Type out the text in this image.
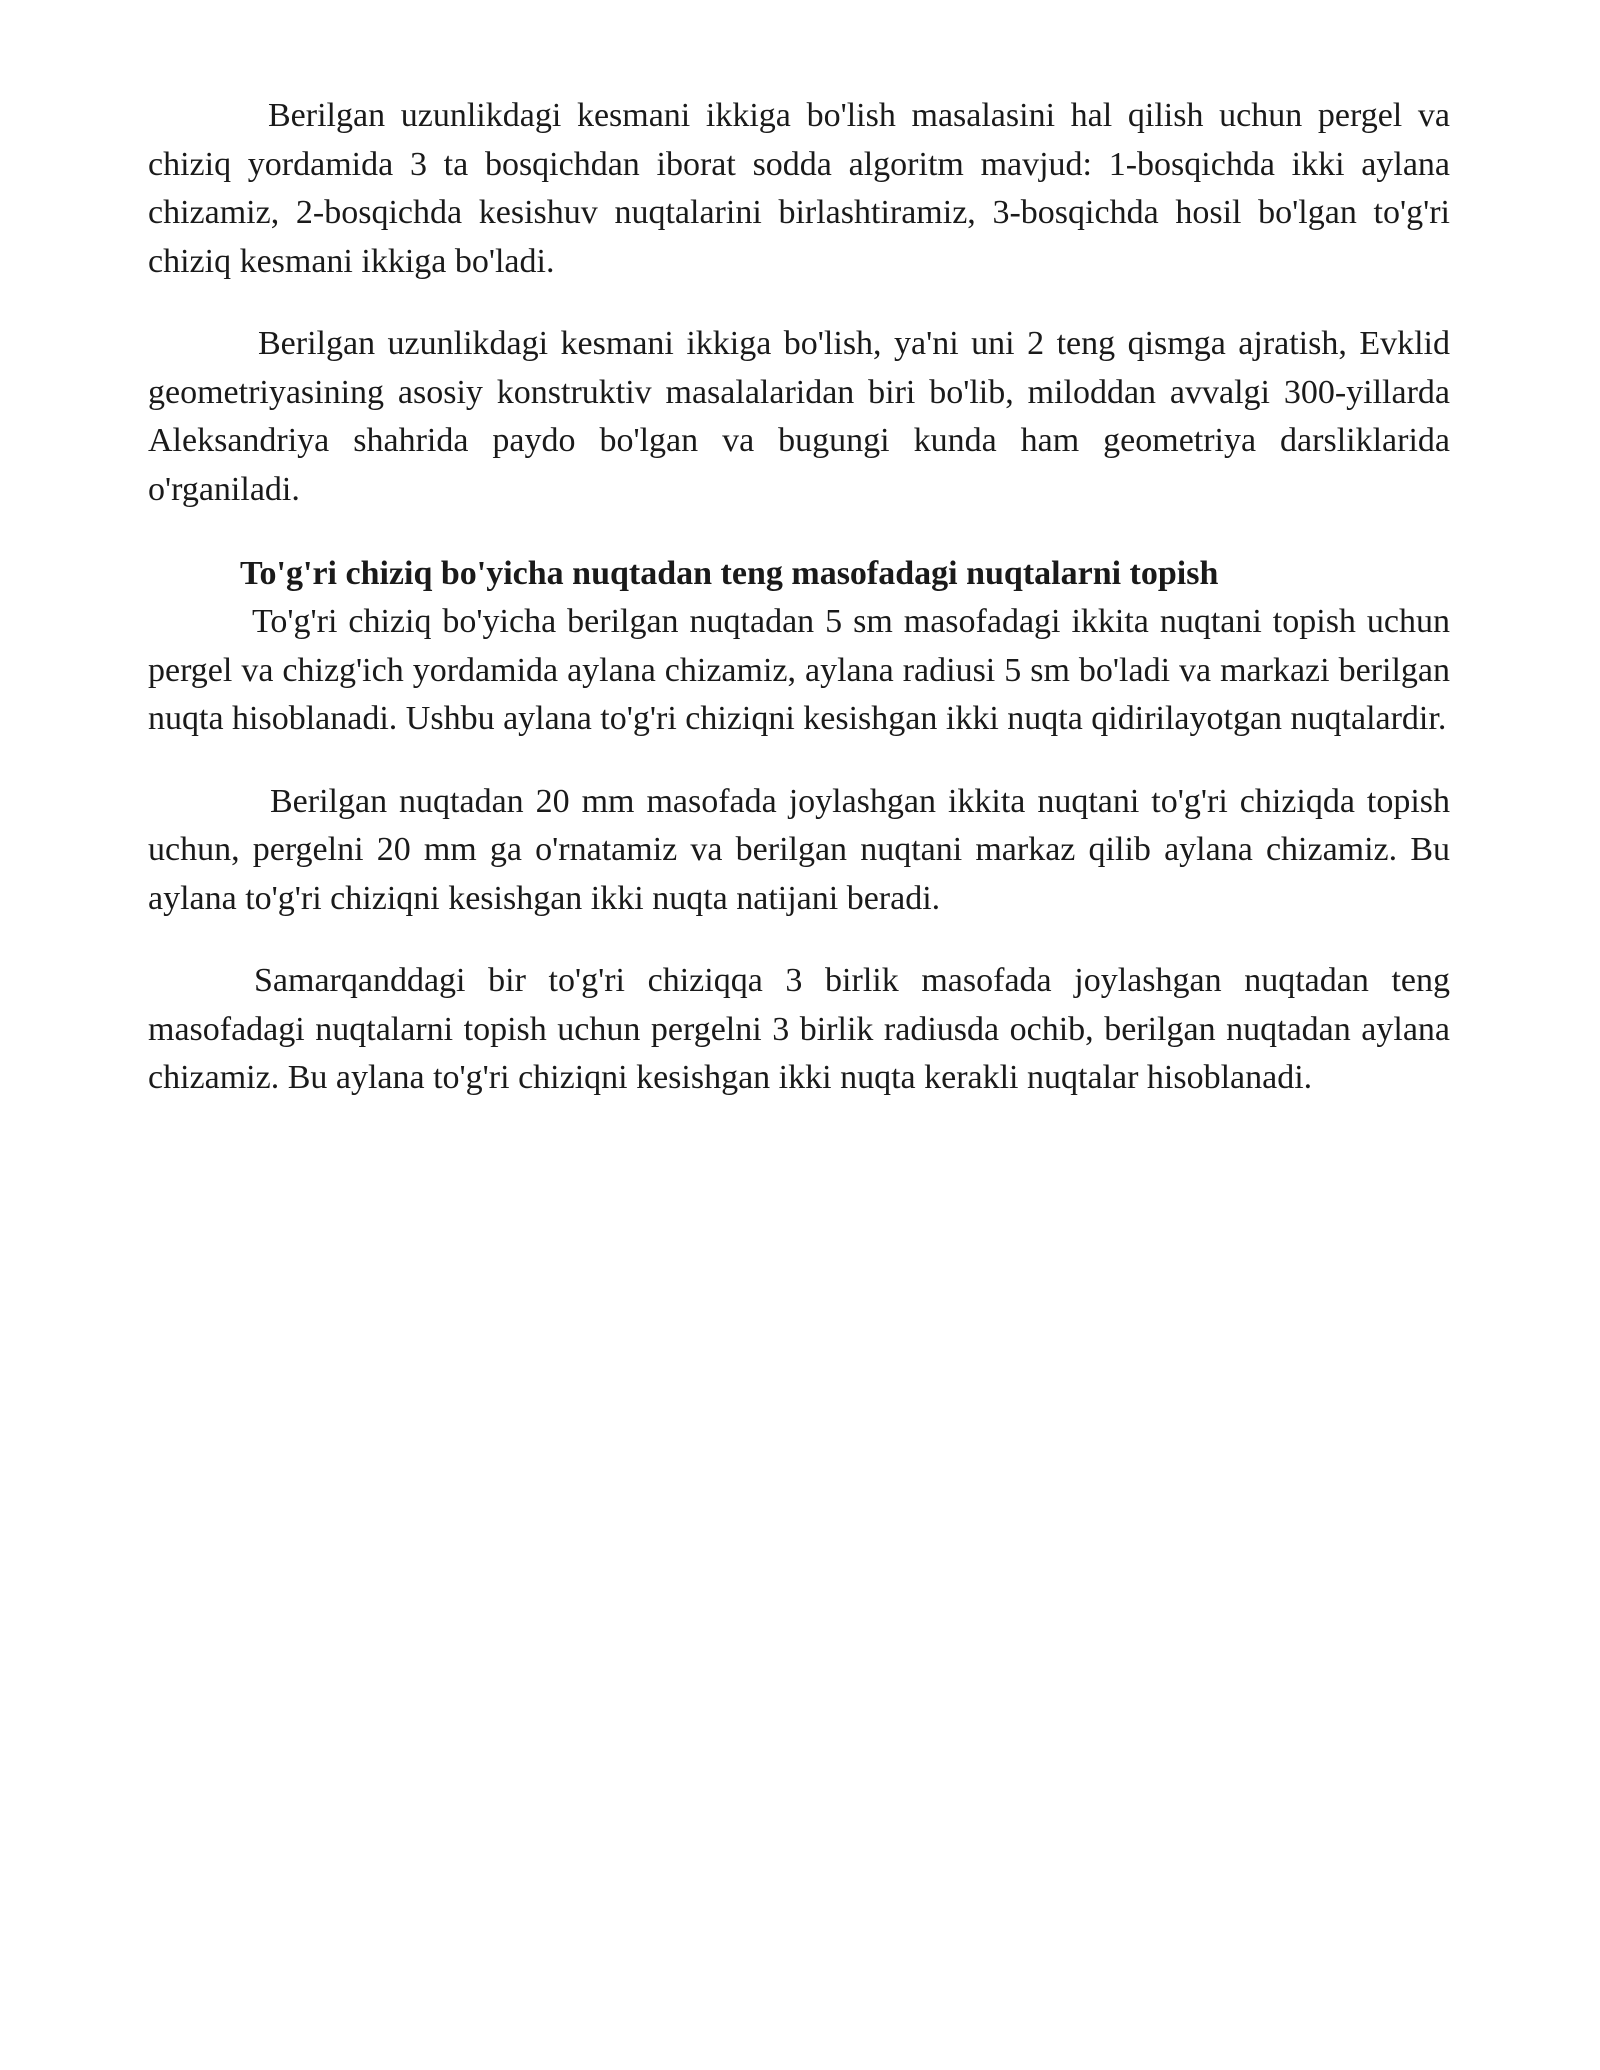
Berilgan uzunlikdagi kesmani ikkiga bo'lish masalasini hal qilish uchun pergel va chiziq yordamida 3 ta bosqichdan iborat sodda algoritm mavjud: 1-bosqichda ikki aylana chizamiz, 2-bosqichda kesishuv nuqtalarini birlashtiramiz, 3-bosqichda hosil bo'lgan to'g'ri chiziq kesmani ikkiga bo'ladi.

Berilgan uzunlikdagi kesmani ikkiga bo'lish, ya'ni uni 2 teng qismga ajratish, Evklid geometriyasining asosiy konstruktiv masalalaridan biri bo'lib, miloddan avvalgi 300-yillarda Aleksandriya shahrida paydo bo'lgan va bugungi kunda ham geometriya darsliklarida o'rganiladi.

To'g'ri chiziq bo'yicha nuqtadan teng masofadagi nuqtalarni topish

To'g'ri chiziq bo'yicha berilgan nuqtadan 5 sm masofadagi ikkita nuqtani topish uchun pergel va chizg'ich yordamida aylana chizamiz, aylana radiusi 5 sm bo'ladi va markazi berilgan nuqta hisoblanadi. Ushbu aylana to'g'ri chiziqni kesishgan ikki nuqta qidirilayotgan nuqtalardir.

Berilgan nuqtadan 20 mm masofada joylashgan ikkita nuqtani to'g'ri chiziqda topish uchun, pergelni 20 mm ga o'rnatamiz va berilgan nuqtani markaz qilib aylana chizamiz. Bu aylana to'g'ri chiziqni kesishgan ikki nuqta natijani beradi.

Samarqanddagi bir to'g'ri chiziqqa 3 birlik masofada joylashgan nuqtadan teng masofadagi nuqtalarni topish uchun pergelni 3 birlik radiusda ochib, berilgan nuqtadan aylana chizamiz. Bu aylana to'g'ri chiziqni kesishgan ikki nuqta kerakli nuqtalar hisoblanadi.
